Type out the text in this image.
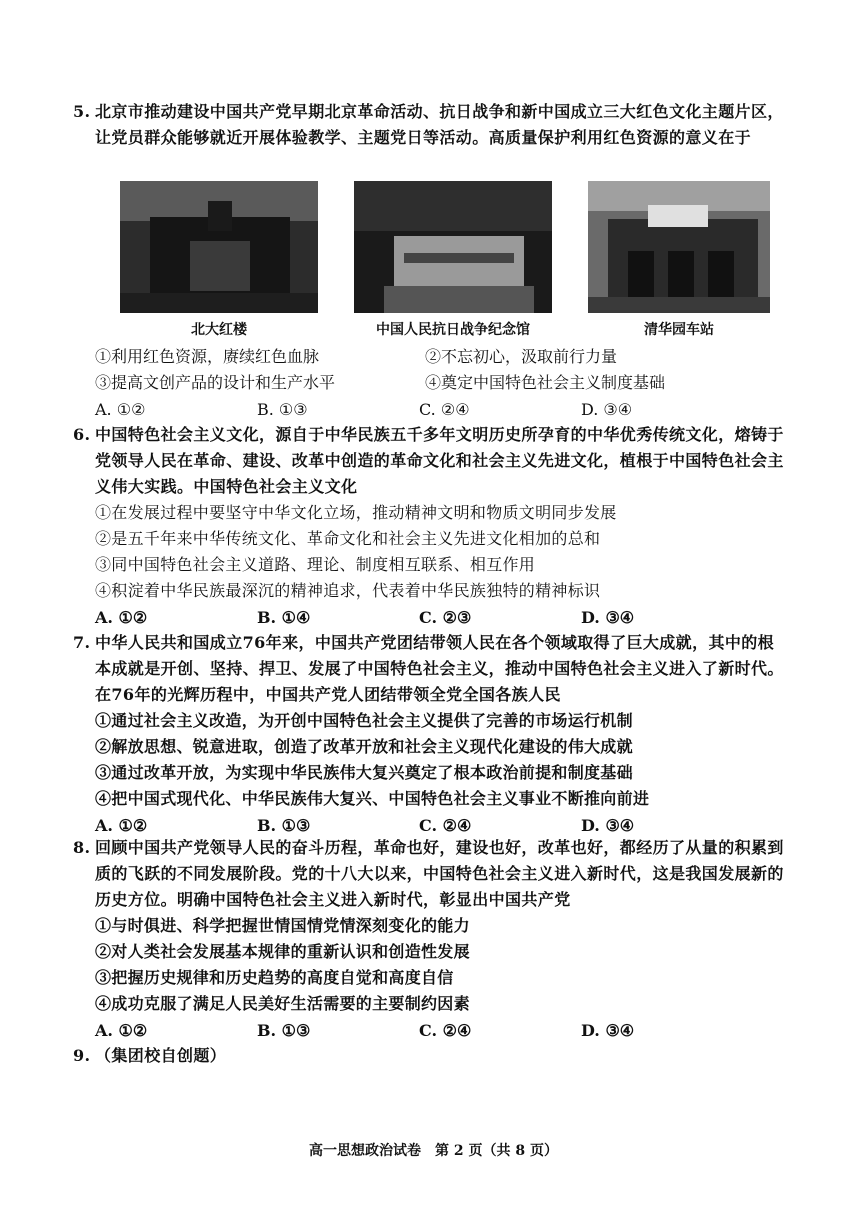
5. 北京市推动建设中国共产党早期北京革命活动、抗日战争和新中国成立三大红色文化主题片区，让党员群众能够就近开展体验教学、主题党日等活动。高质量保护利用红色资源的意义在于
北大红楼	中国人民抗日战争纪念馆	清华园车站
①利用红色资源，赓续红色血脉	②不忘初心，汲取前行力量
③提高文创产品的设计和生产水平	④奠定中国特色社会主义制度基础
A. ①②	B. ①③	C. ②④	D. ③④
6. 中国特色社会主义文化，源自于中华民族五千多年文明历史所孕育的中华优秀传统文化，熔铸于党领导人民在革命、建设、改革中创造的革命文化和社会主义先进文化，植根于中国特色社会主义伟大实践。中国特色社会主义文化
①在发展过程中要坚守中华文化立场，推动精神文明和物质文明同步发展
②是五千年来中华传统文化、革命文化和社会主义先进文化相加的总和
③同中国特色社会主义道路、理论、制度相互联系、相互作用
④积淀着中华民族最深沉的精神追求，代表着中华民族独特的精神标识
A. ①②	B. ①④	C. ②③	D. ③④
7. 中华人民共和国成立76年来，中国共产党团结带领人民在各个领域取得了巨大成就，其中的根本成就是开创、坚持、捍卫、发展了中国特色社会主义，推动中国特色社会主义进入了新时代。在76年的光辉历程中，中国共产党人团结带领全党全国各族人民
①通过社会主义改造，为开创中国特色社会主义提供了完善的市场运行机制
②解放思想、锐意进取，创造了改革开放和社会主义现代化建设的伟大成就
③通过改革开放，为实现中华民族伟大复兴奠定了根本政治前提和制度基础
④把中国式现代化、中华民族伟大复兴、中国特色社会主义事业不断推向前进
A. ①②	B. ①③	C. ②④	D. ③④
8. 回顾中国共产党领导人民的奋斗历程，革命也好，建设也好，改革也好，都经历了从量的积累到质的飞跃的不同发展阶段。党的十八大以来，中国特色社会主义进入新时代，这是我国发展新的历史方位。明确中国特色社会主义进入新时代，彰显出中国共产党
①与时俱进、科学把握世情国情党情深刻变化的能力
②对人类社会发展基本规律的重新认识和创造性发展
③把握历史规律和历史趋势的高度自觉和高度自信
④成功克服了满足人民美好生活需要的主要制约因素
A. ①②	B. ①③	C. ②④	D. ③④
9. （集团校自创题）
高一思想政治试卷　第 2 页（共 8 页）
